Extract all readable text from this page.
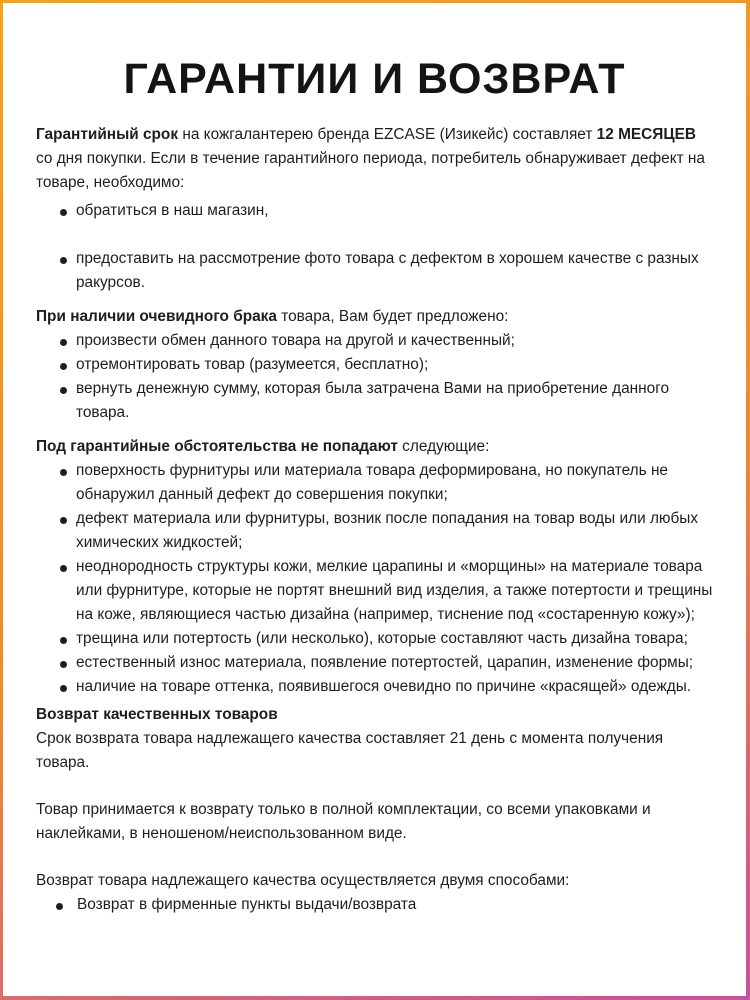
ГАРАНТИИ И ВОЗВРАТ

Гарантийный срок на кожгалантерею бренда EZCASE (Изикейс) составляет 12 МЕСЯЦЕВ со дня покупки. Если в течение гарантийного периода, потребитель обнаруживает дефект на товаре, необходимо:

обратиться в наш магазин,
предоставить на рассмотрение фото товара с дефектом в хорошем качестве с разных ракурсов.

При наличии очевидного брака товара, Вам будет предложено:

произвести обмен данного товара на другой и качественный;
отремонтировать товар (разумеется, бесплатно);
вернуть денежную сумму, которая была затрачена Вами на приобретение данного товара.

Под гарантийные обстоятельства не попадают следующие:

поверхность фурнитуры или материала товара деформирована, но покупатель не обнаружил данный дефект до совершения покупки;
дефект материала или фурнитуры, возник после попадания на товар воды или любых химических жидкостей;
неоднородность структуры кожи, мелкие царапины и «морщины» на материале товара или фурнитуре, которые не портят внешний вид изделия, а также потертости и трещины на коже, являющиеся частью дизайна (например, тиснение под «состаренную кожу»);
трещина или потертость (или несколько), которые составляют часть дизайна товара;
естественный износ материала, появление потертостей, царапин, изменение формы;
наличие на товаре оттенка, появившегося очевидно по причине «красящей» одежды.

Возврат качественных товаров

Срок возврата товара надлежащего качества составляет 21 день с момента получения товара.

Товар принимается к возврату только в полной комплектации, со всеми упаковками и наклейками, в неношеном/неиспользованном виде.

Возврат товара надлежащего качества осуществляется двумя способами:

Возврат в фирменные пункты выдачи/возврата
